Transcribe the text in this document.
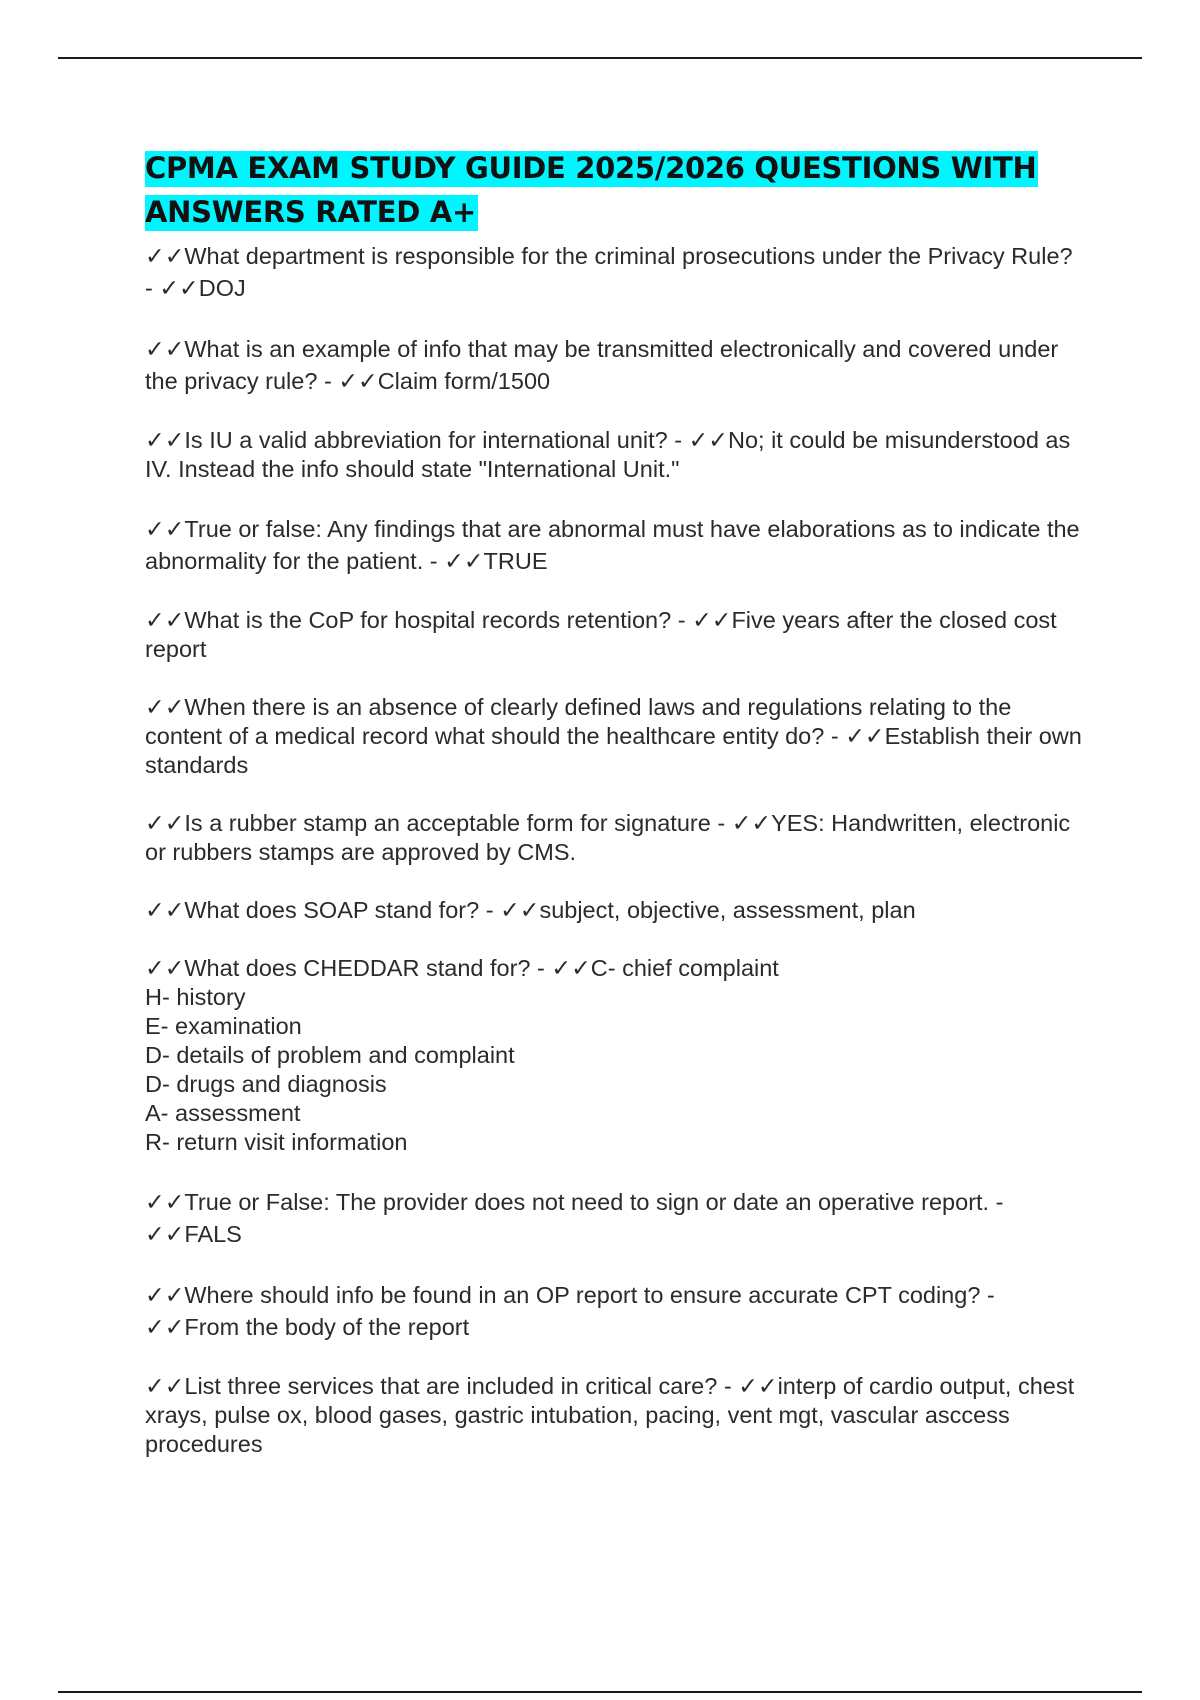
CPMA EXAM STUDY GUIDE 2025/2026 QUESTIONS WITH ANSWERS RATED A+
✓✓What department is responsible for the criminal prosecutions under the Privacy Rule? - ✓✓DOJ
✓✓What is an example of info that may be transmitted electronically and covered under the privacy rule? - ✓✓Claim form/1500
✓✓Is IU a valid abbreviation for international unit? - ✓✓No; it could be misunderstood as IV. Instead the info should state "International Unit."
✓✓True or false: Any findings that are abnormal must have elaborations as to indicate the abnormality for the patient. - ✓✓TRUE
✓✓What is the CoP for hospital records retention? - ✓✓Five years after the closed cost report
✓✓When there is an absence of clearly defined laws and regulations relating to the content of a medical record what should the healthcare entity do? - ✓✓Establish their own standards
✓✓Is a rubber stamp an acceptable form for signature - ✓✓YES: Handwritten, electronic or rubbers stamps are approved by CMS.
✓✓What does SOAP stand for? - ✓✓subject, objective, assessment, plan
✓✓What does CHEDDAR stand for? - ✓✓C- chief complaint
H- history
E- examination
D- details of problem and complaint
D- drugs and diagnosis
A- assessment
R- return visit information
✓✓True or False: The provider does not need to sign or date an operative report. -
✓✓FALS
✓✓Where should info be found in an OP report to ensure accurate CPT coding? -
✓✓From the body of the report
✓✓List three services that are included in critical care? - ✓✓interp of cardio output, chest xrays, pulse ox, blood gases, gastric intubation, pacing, vent mgt, vascular asccess procedures
